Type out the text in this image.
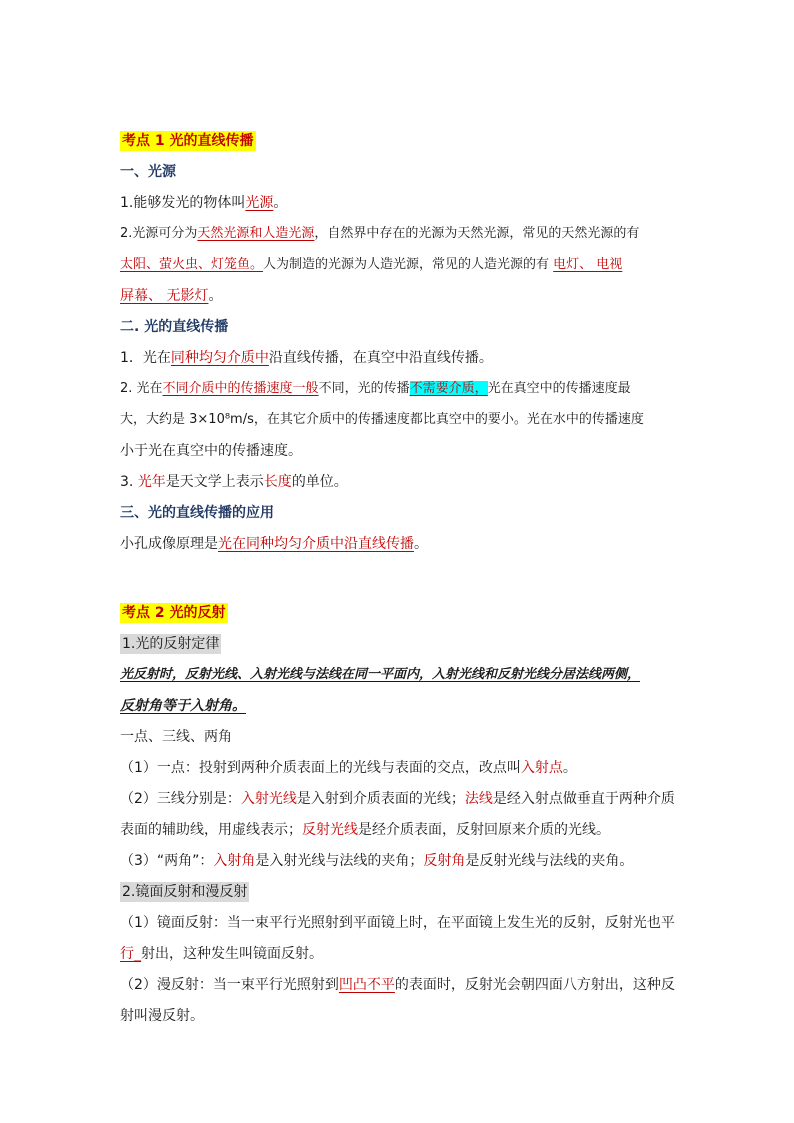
考点 1 光的直线传播
一、光源
1.能够发光的物体叫光源。
2.光源可分为天然光源和人造光源，自然界中存在的光源为天然光源，常见的天然光源的有
太阳、萤火虫、灯笼鱼。人为制造的光源为人造光源，常见的人造光源的有 电灯、 电视
屏幕、 无影灯。
二. 光的直线传播
1．光在同种均匀介质中沿直线传播，在真空中沿直线传播。
2. 光在不同介质中的传播速度一般不同，光的传播不需要介质，光在真空中的传播速度最
大，大约是 3×10⁸m/s，在其它介质中的传播速度都比真空中的要小。光在水中的传播速度
小于光在真空中的传播速度。
3. 光年是天文学上表示长度的单位。
三、光的直线传播的应用
小孔成像原理是光在同种均匀介质中沿直线传播。
考点 2 光的反射
1.光的反射定律
光反射时，反射光线、入射光线与法线在同一平面内，入射光线和反射光线分居法线两侧，
反射角等于入射角。
一点、三线、两角
（1）一点：投射到两种介质表面上的光线与表面的交点，改点叫入射点。
（2）三线分别是：入射光线是入射到介质表面的光线；法线是经入射点做垂直于两种介质
表面的辅助线，用虚线表示；反射光线是经介质表面，反射回原来介质的光线。
（3）“两角”：入射角是入射光线与法线的夹角；反射角是反射光线与法线的夹角。
2.镜面反射和漫反射
（1）镜面反射：当一束平行光照射到平面镜上时，在平面镜上发生光的反射，反射光也平
行_射出，这种发生叫镜面反射。
（2）漫反射：当一束平行光照射到凹凸不平的表面时，反射光会朝四面八方射出，这种反
射叫漫反射。
